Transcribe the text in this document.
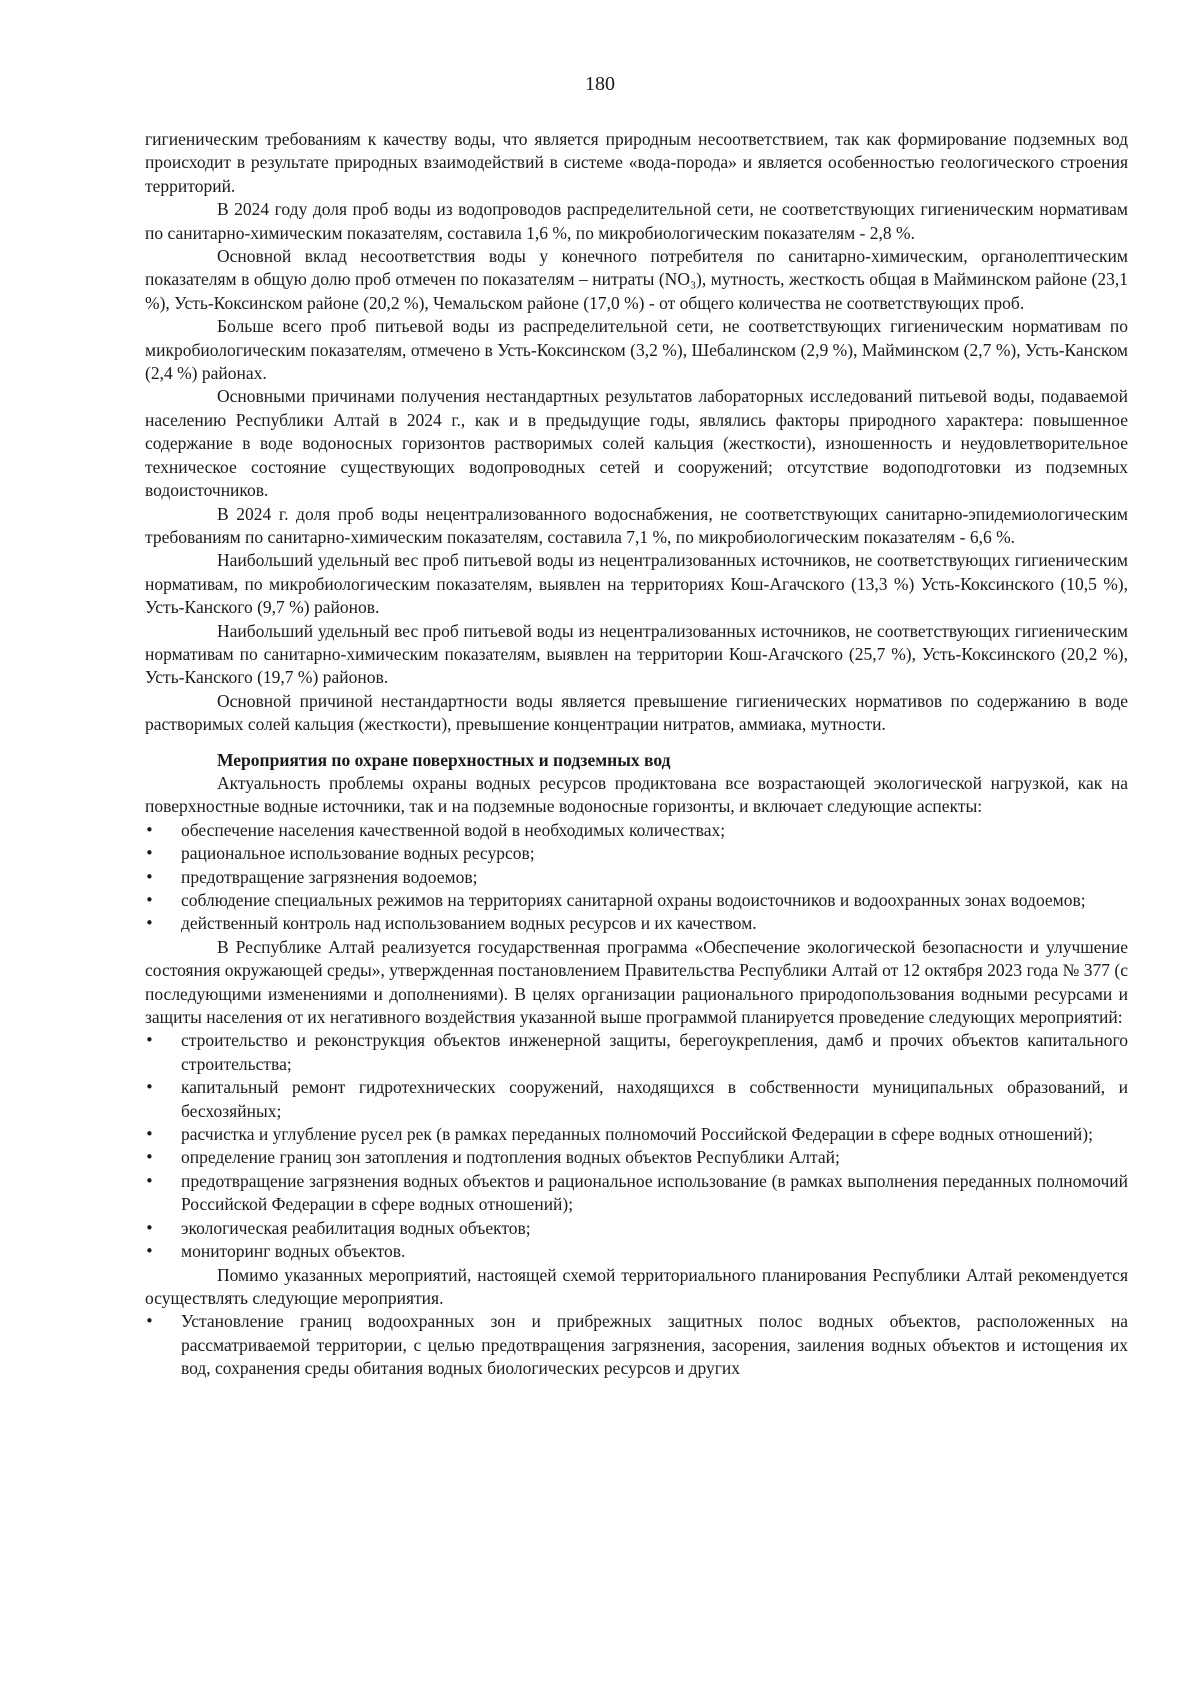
180

гигиеническим требованиям к качеству воды, что является природным несоответствием, так как формирование подземных вод происходит в результате природных взаимодействий в системе «вода-порода» и является особенностью геологического строения территорий.

В 2024 году доля проб воды из водопроводов распределительной сети, не соответствующих гигиеническим нормативам по санитарно-химическим показателям, составила 1,6 %, по микробиологическим показателям - 2,8 %.

Основной вклад несоответствия воды у конечного потребителя по санитарно-химическим, органолептическим показателям в общую долю проб отмечен по показателям – нитраты (NO₃), мутность, жесткость общая в Майминском районе (23,1 %), Усть-Коксинском районе (20,2 %), Чемальском районе (17,0 %) - от общего количества не соответствующих проб.

Больше всего проб питьевой воды из распределительной сети, не соответствующих гигиеническим нормативам по микробиологическим показателям, отмечено в Усть-Коксинском (3,2 %), Шебалинском (2,9 %), Майминском (2,7 %), Усть-Канском (2,4 %) районах.

Основными причинами получения нестандартных результатов лабораторных исследований питьевой воды, подаваемой населению Республики Алтай в 2024 г., как и в предыдущие годы, являлись факторы природного характера: повышенное содержание в воде водоносных горизонтов растворимых солей кальция (жесткости), изношенность и неудовлетворительное техническое состояние существующих водопроводных сетей и сооружений; отсутствие водоподготовки из подземных водоисточников.

В 2024 г. доля проб воды нецентрализованного водоснабжения, не соответствующих санитарно-эпидемиологическим требованиям по санитарно-химическим показателям, составила 7,1 %, по микробиологическим показателям - 6,6 %.

Наибольший удельный вес проб питьевой воды из нецентрализованных источников, не соответствующих гигиеническим нормативам, по микробиологическим показателям, выявлен на территориях Кош-Агачского (13,3 %) Усть-Коксинского (10,5 %), Усть-Канского (9,7 %) районов.

Наибольший удельный вес проб питьевой воды из нецентрализованных источников, не соответствующих гигиеническим нормативам по санитарно-химическим показателям, выявлен на территории Кош-Агачского (25,7 %), Усть-Коксинского (20,2 %), Усть-Канского (19,7 %) районов.

Основной причиной нестандартности воды является превышение гигиенических нормативов по содержанию в воде растворимых солей кальция (жесткости), превышение концентрации нитратов, аммиака, мутности.

Мероприятия по охране поверхностных и подземных вод

Актуальность проблемы охраны водных ресурсов продиктована все возрастающей экологической нагрузкой, как на поверхностные водные источники, так и на подземные водоносные горизонты, и включает следующие аспекты:

• обеспечение населения качественной водой в необходимых количествах;
• рациональное использование водных ресурсов;
• предотвращение загрязнения водоемов;
• соблюдение специальных режимов на территориях санитарной охраны водоисточников и водоохранных зонах водоемов;
• действенный контроль над использованием водных ресурсов и их качеством.

В Республике Алтай реализуется государственная программа «Обеспечение экологической безопасности и улучшение состояния окружающей среды», утвержденная постановлением Правительства Республики Алтай от 12 октября 2023 года № 377 (с последующими изменениями и дополнениями). В целях организации рационального природопользования водными ресурсами и защиты населения от их негативного воздействия указанной выше программой планируется проведение следующих мероприятий:

• строительство и реконструкция объектов инженерной защиты, берегоукрепления, дамб и прочих объектов капитального строительства;
• капитальный ремонт гидротехнических сооружений, находящихся в собственности муниципальных образований, и бесхозяйных;
• расчистка и углубление русел рек (в рамках переданных полномочий Российской Федерации в сфере водных отношений);
• определение границ зон затопления и подтопления водных объектов Республики Алтай;
• предотвращение загрязнения водных объектов и рациональное использование (в рамках выполнения переданных полномочий Российской Федерации в сфере водных отношений);
• экологическая реабилитация водных объектов;
• мониторинг водных объектов.

Помимо указанных мероприятий, настоящей схемой территориального планирования Республики Алтай рекомендуется осуществлять следующие мероприятия.

• Установление границ водоохранных зон и прибрежных защитных полос водных объектов, расположенных на рассматриваемой территории, с целью предотвращения загрязнения, засорения, заиления водных объектов и истощения их вод, сохранения среды обитания водных биологических ресурсов и других
